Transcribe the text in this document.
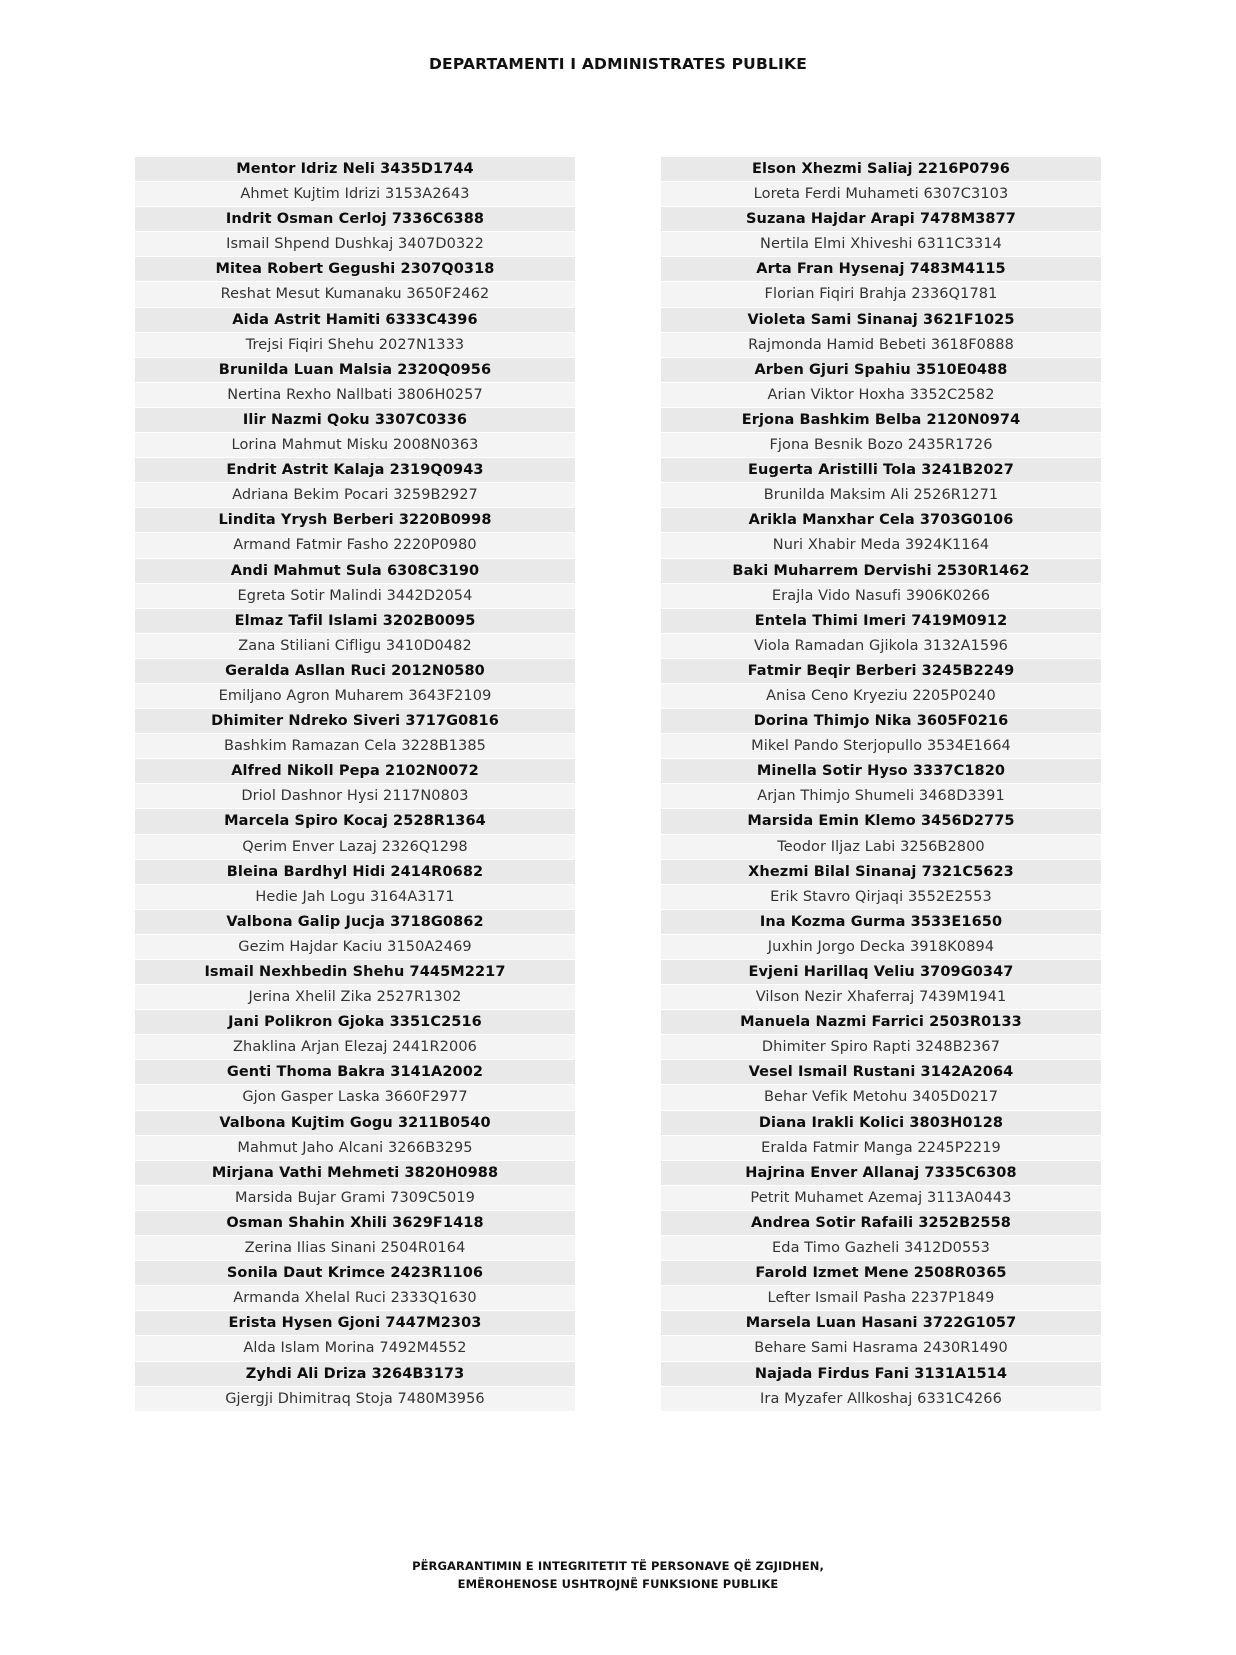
DEPARTAMENTI I ADMINISTRATES PUBLIKE
Mentor Idriz Neli 3435D1744
Ahmet Kujtim Idrizi 3153A2643
Indrit Osman Cerloj 7336C6388
Ismail Shpend Dushkaj 3407D0322
Mitea Robert Gegushi 2307Q0318
Reshat Mesut Kumanaku 3650F2462
Aida Astrit Hamiti 6333C4396
Trejsi Fiqiri Shehu 2027N1333
Brunilda Luan Malsia 2320Q0956
Nertina Rexho Nallbati 3806H0257
Ilir Nazmi Qoku 3307C0336
Lorina Mahmut Misku 2008N0363
Endrit Astrit Kalaja 2319Q0943
Adriana Bekim Pocari 3259B2927
Lindita Yrysh Berberi 3220B0998
Armand Fatmir Fasho 2220P0980
Andi Mahmut Sula 6308C3190
Egreta Sotir Malindi 3442D2054
Elmaz Tafil Islami 3202B0095
Zana Stiliani Cifligu 3410D0482
Geralda Asllan Ruci 2012N0580
Emiljano Agron Muharem 3643F2109
Dhimiter Ndreko Siveri 3717G0816
Bashkim Ramazan Cela 3228B1385
Alfred Nikoll Pepa 2102N0072
Driol Dashnor Hysi 2117N0803
Marcela Spiro Kocaj 2528R1364
Qerim Enver Lazaj 2326Q1298
Bleina Bardhyl Hidi 2414R0682
Hedie Jah Logu 3164A3171
Valbona Galip Jucja 3718G0862
Gezim Hajdar Kaciu 3150A2469
Ismail Nexhbedin Shehu 7445M2217
Jerina Xhelil Zika 2527R1302
Jani Polikron Gjoka 3351C2516
Zhaklina Arjan Elezaj 2441R2006
Genti Thoma Bakra 3141A2002
Gjon Gasper Laska 3660F2977
Valbona Kujtim Gogu 3211B0540
Mahmut Jaho Alcani 3266B3295
Mirjana Vathi Mehmeti 3820H0988
Marsida Bujar Grami 7309C5019
Osman Shahin Xhili 3629F1418
Zerina Ilias Sinani 2504R0164
Sonila Daut Krimce 2423R1106
Armanda Xhelal Ruci 2333Q1630
Erista Hysen Gjoni 7447M2303
Alda Islam Morina 7492M4552
Zyhdi Ali Driza 3264B3173
Gjergji Dhimitraq Stoja 7480M3956
Elson Xhezmi Saliaj 2216P0796
Loreta Ferdi Muhameti 6307C3103
Suzana Hajdar Arapi 7478M3877
Nertila Elmi Xhiveshi 6311C3314
Arta Fran Hysenaj 7483M4115
Florian Fiqiri Brahja 2336Q1781
Violeta Sami Sinanaj 3621F1025
Rajmonda Hamid Bebeti 3618F0888
Arben Gjuri Spahiu 3510E0488
Arian Viktor Hoxha 3352C2582
Erjona Bashkim Belba 2120N0974
Fjona Besnik Bozo 2435R1726
Eugerta Aristilli Tola 3241B2027
Brunilda Maksim Ali 2526R1271
Arikla Manxhar Cela 3703G0106
Nuri Xhabir Meda 3924K1164
Baki Muharrem Dervishi 2530R1462
Erajla Vido Nasufi 3906K0266
Entela Thimi Imeri 7419M0912
Viola Ramadan Gjikola 3132A1596
Fatmir Beqir Berberi 3245B2249
Anisa Ceno Kryeziu 2205P0240
Dorina Thimjo Nika 3605F0216
Mikel Pando Sterjopullo 3534E1664
Minella Sotir Hyso 3337C1820
Arjan Thimjo Shumeli 3468D3391
Marsida Emin Klemo 3456D2775
Teodor Iljaz Labi 3256B2800
Xhezmi Bilal Sinanaj 7321C5623
Erik Stavro Qirjaqi 3552E2553
Ina Kozma Gurma 3533E1650
Juxhin Jorgo Decka 3918K0894
Evjeni Harillaq Veliu 3709G0347
Vilson Nezir Xhaferraj 7439M1941
Manuela Nazmi Farrici 2503R0133
Dhimiter Spiro Rapti 3248B2367
Vesel Ismail Rustani 3142A2064
Behar Vefik Metohu 3405D0217
Diana Irakli Kolici 3803H0128
Eralda Fatmir Manga 2245P2219
Hajrina Enver Allanaj 7335C6308
Petrit Muhamet Azemaj 3113A0443
Andrea Sotir Rafaili 3252B2558
Eda Timo Gazheli 3412D0553
Farold Izmet Mene 2508R0365
Lefter Ismail Pasha 2237P1849
Marsela Luan Hasani 3722G1057
Behare Sami Hasrama 2430R1490
Najada Firdus Fani 3131A1514
Ira Myzafer Allkoshaj 6331C4266
PËRGARANTIMIN E INTEGRITETIT TË PERSONAVE QË ZGJIDHEN,
EMËROHENOSE USHTROJNË FUNKSIONE PUBLIKE
